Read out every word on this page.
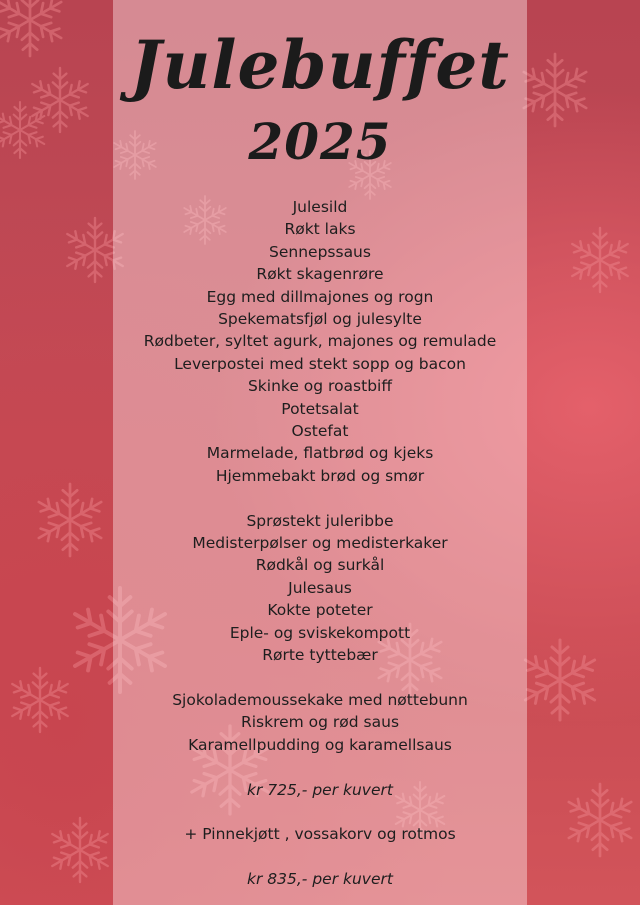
Julebuffet
2025
Julesild
Røkt laks
Sennepssaus
Røkt skagenrøre
Egg med dillmajones og rogn
Spekematsfjøl og julesylte
Rødbeter, syltet agurk, majones og remulade
Leverpostei med stekt sopp og bacon
Skinke og roastbiff
Potetsalat
Ostefat
Marmelade, flatbrød og kjeks
Hjemmebakt brød og smør
Sprøstekt juleribbe
Medisterpølser og medisterkaker
Rødkål og surkål
Julesaus
Kokte poteter
Eple- og sviskekompott
Rørte tyttebær
Sjokolademoussekake med nøttebunn
Riskrem og rød saus
Karamellpudding og karamellsaus
kr 725,- per kuvert
+ Pinnekjøtt , vossakorv og rotmos
kr 835,- per kuvert
